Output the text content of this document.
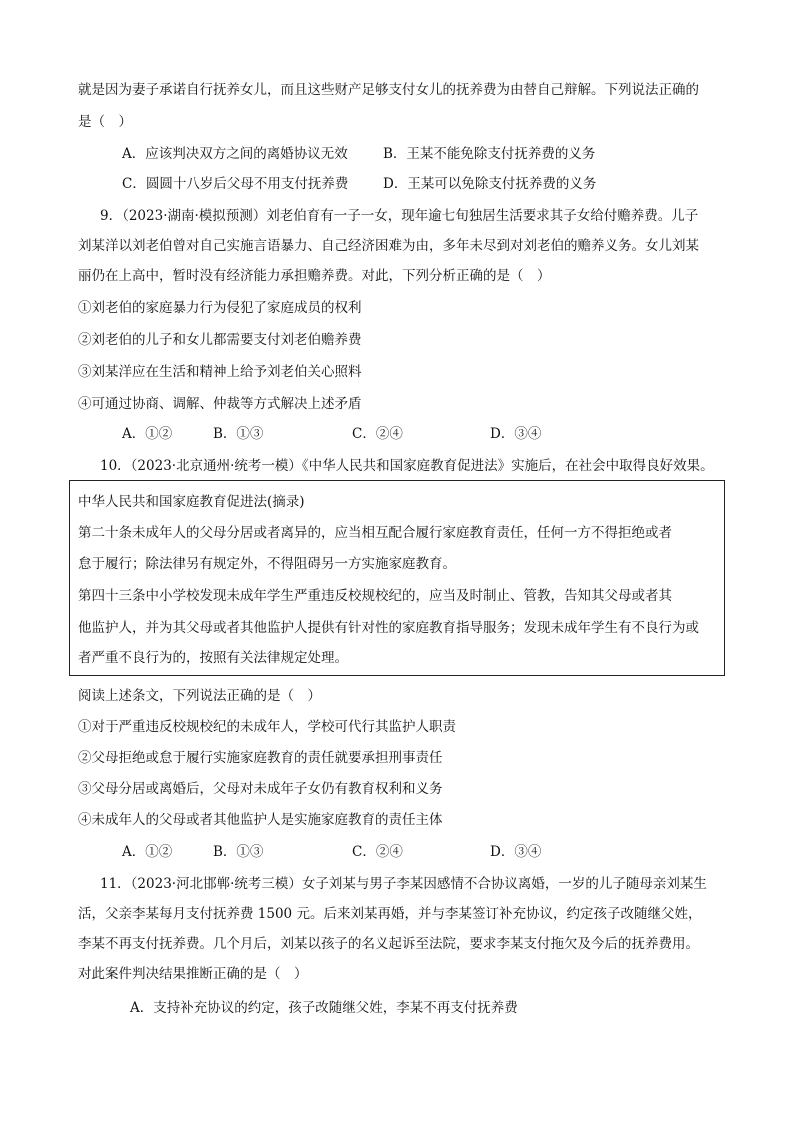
就是因为妻子承诺自行抚养女儿，而且这些财产足够支付女儿的抚养费为由替自己辩解。下列说法正确的
是（　）
A．应该判决双方之间的离婚协议无效	B．王某不能免除支付抚养费的义务
C．圆圆十八岁后父母不用支付抚养费	D．王某可以免除支付抚养费的义务
9．（2023·湖南·模拟预测）刘老伯育有一子一女，现年逾七旬独居生活要求其子女给付赡养费。儿子
刘某洋以刘老伯曾对自己实施言语暴力、自己经济困难为由，多年未尽到对刘老伯的赡养义务。女儿刘某
丽仍在上高中，暂时没有经济能力承担赡养费。对此，下列分析正确的是（　）
①刘老伯的家庭暴力行为侵犯了家庭成员的权利
②刘老伯的儿子和女儿都需要支付刘老伯赡养费
③刘某洋应在生活和精神上给予刘老伯关心照料
④可通过协商、调解、仲裁等方式解决上述矛盾
A．①②	B．①③	C．②④	D．③④
10．（2023·北京通州·统考一模）《中华人民共和国家庭教育促进法》实施后，在社会中取得良好效果。
中华人民共和国家庭教育促进法(摘录)
第二十条未成年人的父母分居或者离异的，应当相互配合履行家庭教育责任，任何一方不得拒绝或者
怠于履行；除法律另有规定外，不得阻碍另一方实施家庭教育。
第四十三条中小学校发现未成年学生严重违反校规校纪的，应当及时制止、管教，告知其父母或者其
他监护人，并为其父母或者其他监护人提供有针对性的家庭教育指导服务；发现未成年学生有不良行为或
者严重不良行为的，按照有关法律规定处理。
阅读上述条文，下列说法正确的是（　）
①对于严重违反校规校纪的未成年人，学校可代行其监护人职责
②父母拒绝或怠于履行实施家庭教育的责任就要承担刑事责任
③父母分居或离婚后，父母对未成年子女仍有教育权利和义务
④未成年人的父母或者其他监护人是实施家庭教育的责任主体
A．①②	B．①③	C．②④	D．③④
11．（2023·河北邯郸·统考三模）女子刘某与男子李某因感情不合协议离婚，一岁的儿子随母亲刘某生
活，父亲李某每月支付抚养费 1500 元。后来刘某再婚，并与李某签订补充协议，约定孩子改随继父姓，
李某不再支付抚养费。几个月后，刘某以孩子的名义起诉至法院，要求李某支付拖欠及今后的抚养费用。
对此案件判决结果推断正确的是（　）
A．支持补充协议的约定，孩子改随继父姓，李某不再支付抚养费
